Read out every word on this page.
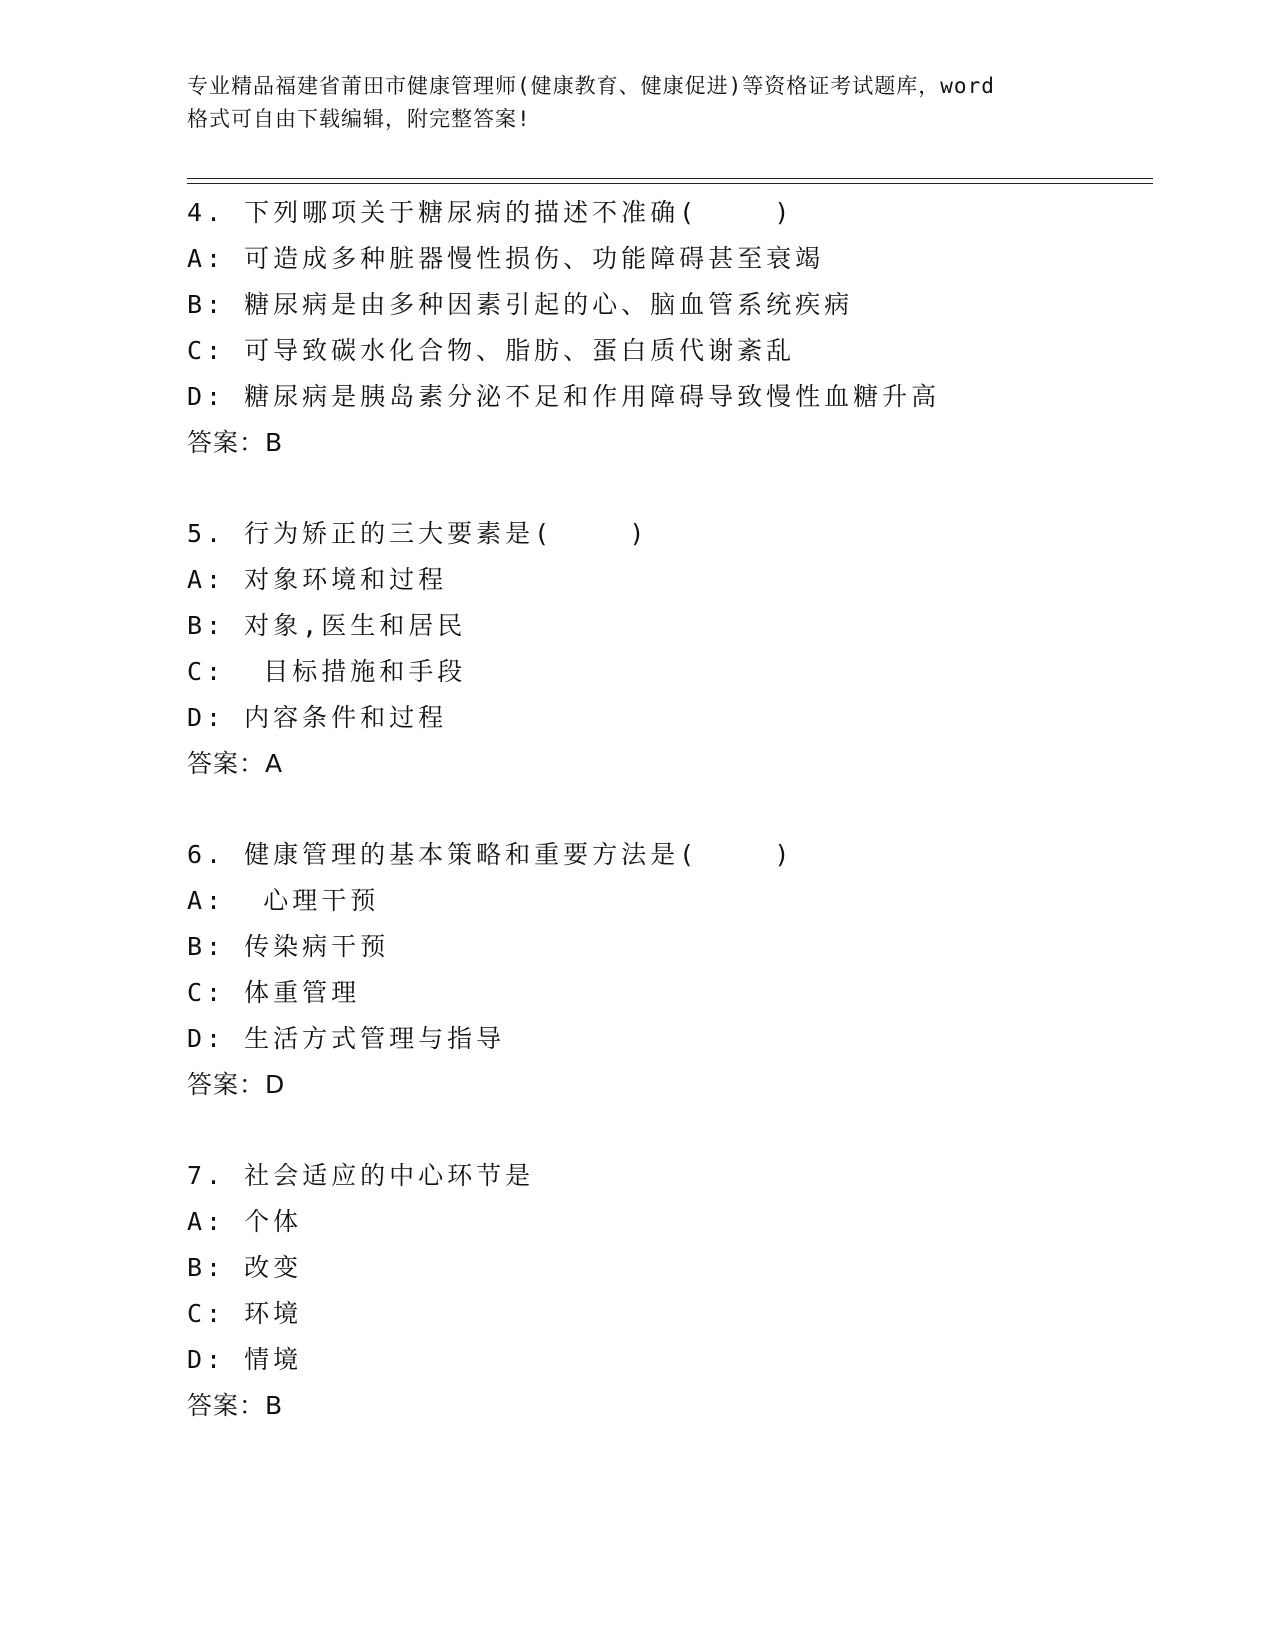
专业精品福建省莆田市健康管理师(健康教育、健康促进)等资格证考试题库，word
格式可自由下载编辑，附完整答案!
4. 下列哪项关于糖尿病的描述不准确(    )
A: 可造成多种脏器慢性损伤、功能障碍甚至衰竭
B: 糖尿病是由多种因素引起的心、脑血管系统疾病
C: 可导致碳水化合物、脂肪、蛋白质代谢紊乱
D: 糖尿病是胰岛素分泌不足和作用障碍导致慢性血糖升高
答案：B
5. 行为矫正的三大要素是(    )
A: 对象环境和过程
B: 对象,医生和居民
C:  目标措施和手段
D: 内容条件和过程
答案：A
6. 健康管理的基本策略和重要方法是(    )
A:  心理干预
B: 传染病干预
C: 体重管理
D: 生活方式管理与指导
答案：D
7. 社会适应的中心环节是
A: 个体
B: 改变
C: 环境
D: 情境
答案：B
